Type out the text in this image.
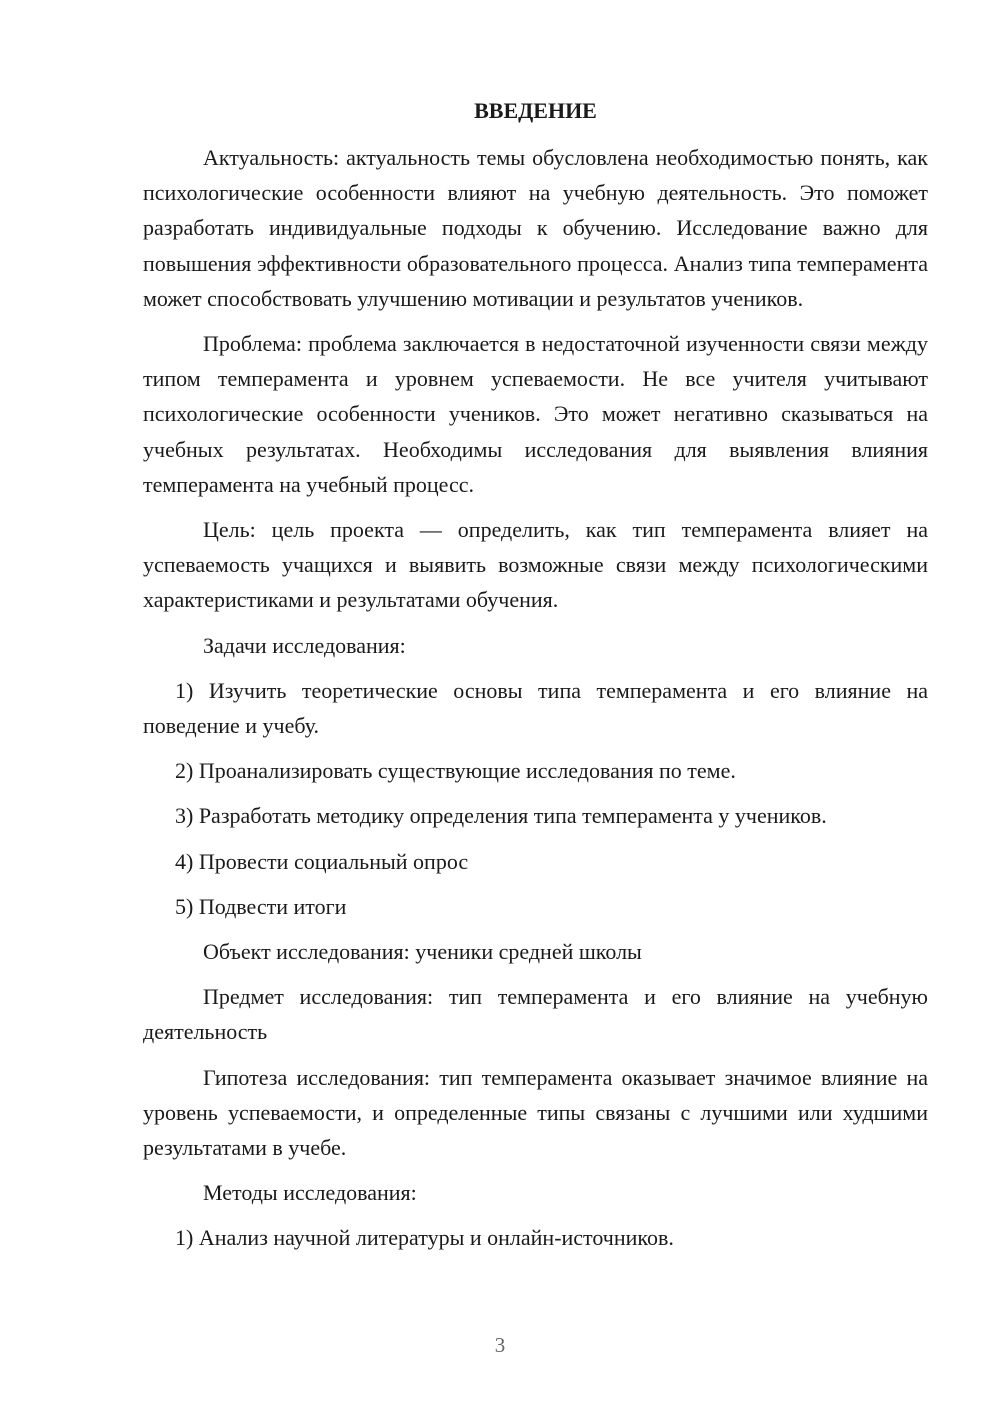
ВВЕДЕНИЕ

Актуальность: актуальность темы обусловлена необходимостью понять, как психологические особенности влияют на учебную деятельность. Это поможет разработать индивидуальные подходы к обучению. Исследование важно для повышения эффективности образовательного процесса. Анализ типа темперамента может способствовать улучшению мотивации и результатов учеников.

Проблема: проблема заключается в недостаточной изученности связи между типом темперамента и уровнем успеваемости. Не все учителя учитывают психологические особенности учеников. Это может негативно сказываться на учебных результатах. Необходимы исследования для выявления влияния темперамента на учебный процесс.

Цель: цель проекта — определить, как тип темперамента влияет на успеваемость учащихся и выявить возможные связи между психологическими характеристиками и результатами обучения.

Задачи исследования:

1) Изучить теоретические основы типа темперамента и его влияние на поведение и учебу.

2) Проанализировать существующие исследования по теме.

3) Разработать методику определения типа темперамента у учеников.

4) Провести социальный опрос

5) Подвести итоги

Объект исследования: ученики средней школы

Предмет исследования: тип темперамента и его влияние на учебную деятельность

Гипотеза исследования: тип темперамента оказывает значимое влияние на уровень успеваемости, и определенные типы связаны с лучшими или худшими результатами в учебе.

Методы исследования:

1) Анализ научной литературы и онлайн-источников.

3
